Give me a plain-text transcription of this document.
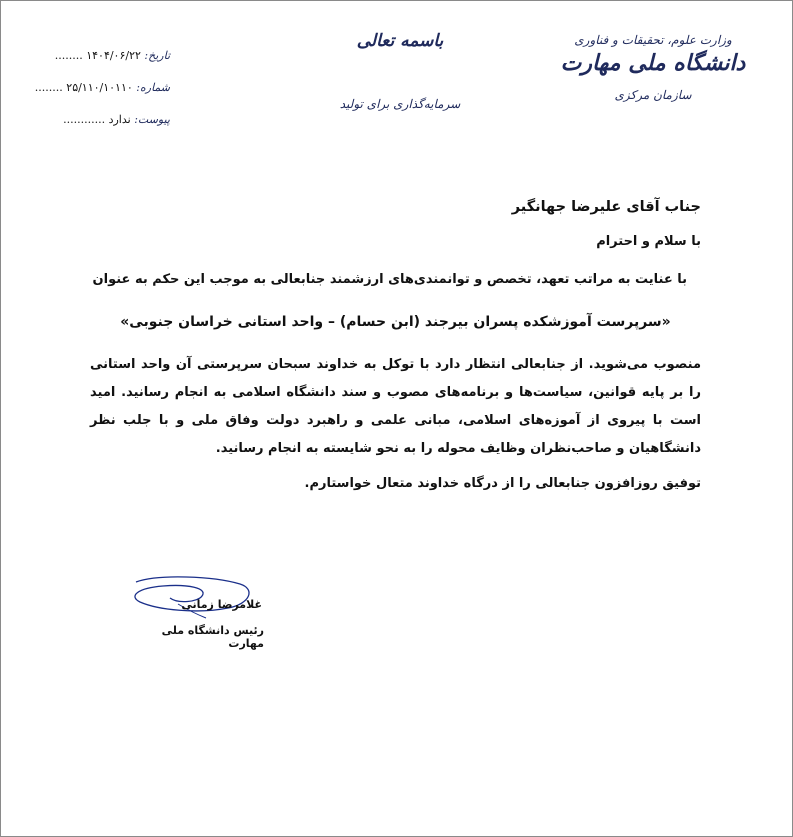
وزارت علوم، تحقیقات و فناوری
دانشگاه ملی مهارت
سازمان مرکزی
باسمه تعالی
سرمایه‌گذاری برای تولید
تاریخ: ۱۴۰۴/۰۶/۲۲ ........
شماره: ۲۵/۱۱۰/۱۰۱۱۰ ........
پیوست: ندارد ............
جناب آقای علیرضا جهانگیر
با سلام و احترام
با عنایت به مراتب تعهد، تخصص و توانمندی‌های ارزشمند جنابعالی به موجب این حکم به عنوان
«سرپرست آموزشکده پسران بیرجند (ابن حسام) – واحد استانی خراسان جنوبی»
منصوب می‌شوید. از جنابعالی انتظار دارد با توکل به خداوند سبحان سرپرستی آن واحد استانی را بر پایه قوانین، سیاست‌ها و برنامه‌های مصوب و سند دانشگاه اسلامی به انجام رسانید. امید است با پیروی از آموزه‌های اسلامی، مبانی علمی و راهبرد دولت وفاق ملی و با جلب نظر دانشگاهیان و صاحب‌نظران وظایف محوله را به نحو شایسته به انجام رسانید.
توفیق روزافزون جنابعالی را از درگاه خداوند متعال خواستارم.
غلامرضا زمانی
رئیس دانشگاه ملی مهارت
